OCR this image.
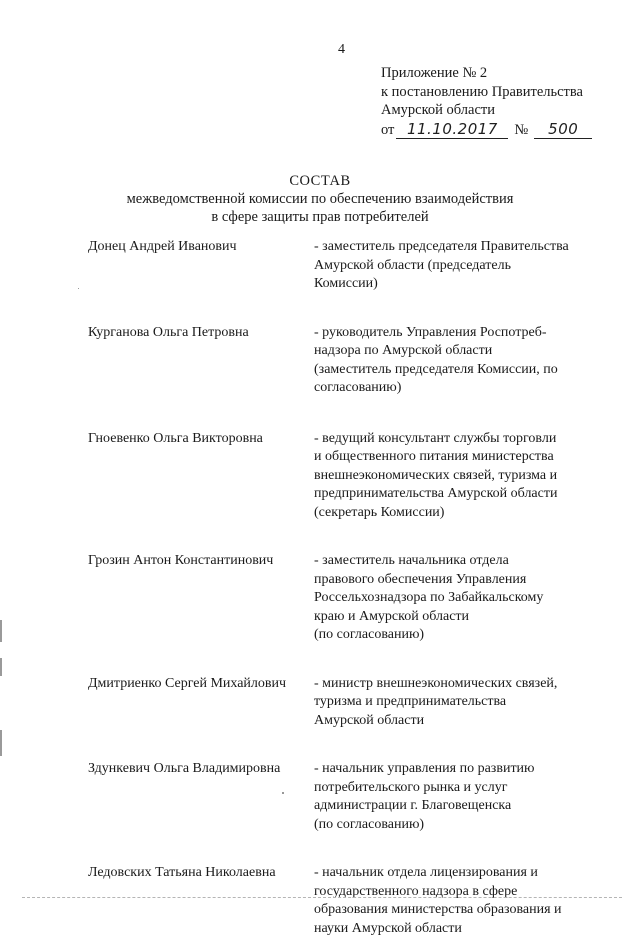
4
Приложение № 2
к постановлению Правительства
Амурской области
от 11.10.2017	№	500
СОСТАВ
межведомственной комиссии по обеспечению взаимодействия
в сфере защиты прав потребителей
Донец Андрей Иванович	- заместитель председателя Правительства
Амурской области (председатель
Комиссии)
Курганова Ольга Петровна	- руководитель Управления Роспотреб-
надзора по Амурской области
(заместитель председателя Комиссии, по
согласованию)
Гноевенко Ольга Викторовна	- ведущий консультант службы торговли
и общественного питания министерства
внешнеэкономических связей, туризма и
предпринимательства Амурской области
(секретарь Комиссии)
Грозин Антон Константинович	- заместитель начальника отдела
правового обеспечения Управления
Россельхознадзора по Забайкальскому
краю и Амурской области
(по согласованию)
Дмитриенко Сергей Михайлович	- министр внешнеэкономических связей,
туризма и предпринимательства
Амурской области
Здункевич Ольга Владимировна	- начальник управления по развитию
потребительского рынка и услуг
администрации г. Благовещенска
(по согласованию)
Ледовских Татьяна Николаевна	- начальник отдела лицензирования и
государственного надзора в сфере
образования министерства образования и
науки Амурской области
